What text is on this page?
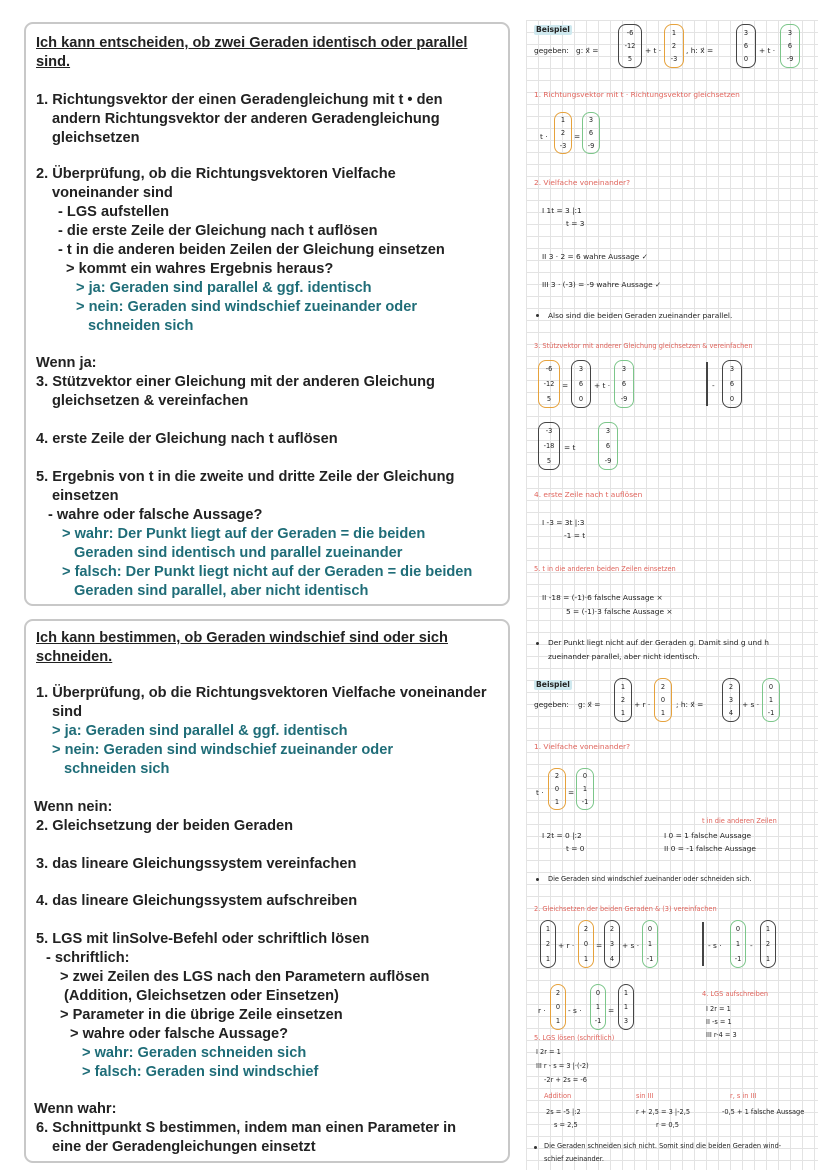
Ich kann entscheiden, ob zwei Geraden identisch oder parallel
sind.
1. Richtungsvektor der einen Geradengleichung mit t • den
andern Richtungsvektor der anderen Geradengleichung
gleichsetzen
2. Überprüfung, ob die Richtungsvektoren Vielfache
voneinander sind
- LGS aufstellen
- die erste Zeile der Gleichung nach t auflösen
- t in die anderen beiden Zeilen der Gleichung einsetzen
> kommt ein wahres Ergebnis heraus?
> ja: Geraden sind parallel & ggf. identisch
> nein: Geraden sind windschief zueinander oder
schneiden sich
Wenn ja:
3. Stützvektor einer Gleichung mit der anderen Gleichung
gleichsetzen & vereinfachen
4. erste Zeile der Gleichung nach t auflösen
5. Ergebnis von t in die zweite und dritte Zeile der Gleichung
einsetzen
- wahre oder falsche Aussage?
> wahr: Der Punkt liegt auf der Geraden = die beiden
Geraden sind identisch und parallel zueinander
> falsch: Der Punkt liegt nicht auf der Geraden = die beiden
Geraden sind parallel, aber nicht identisch
Ich kann bestimmen, ob Geraden windschief sind oder sich
schneiden.
1. Überprüfung, ob die Richtungsvektoren Vielfache voneinander
sind
> ja: Geraden sind parallel & ggf. identisch
> nein: Geraden sind windschief zueinander oder
schneiden sich
Wenn nein:
2. Gleichsetzung der beiden Geraden
3. das lineare Gleichungssystem vereinfachen
4. das lineare Gleichungssystem aufschreiben
5. LGS mit linSolve-Befehl oder schriftlich lösen
- schriftlich:
> zwei Zeilen des LGS nach den Parametern auflösen
(Addition, Gleichsetzen oder Einsetzen)
> Parameter in die übrige Zeile einsetzen
> wahre oder falsche Aussage?
> wahr: Geraden schneiden sich
> falsch: Geraden sind windschief
Wenn wahr:
6. Schnittpunkt S bestimmen, indem man einen Parameter in
eine der Geradengleichungen einsetzt
Beispiel
gegeben: g: x⃗ =
-6
-12
5
+ t ·
1
2
-3
, h: x⃗ =
3
6
0
+ t ·
3
6
-9
1. Richtungsvektor mit t · Richtungsvektor gleichsetzen
t ·
1
2
-3
=
3
6
-9
2. Vielfache voneinander?
I 1t = 3 |:1
t = 3
II 3 · 2 = 6 wahre Aussage ✓
III 3 · (-3) = -9 wahre Aussage ✓
Also sind die beiden Geraden zueinander parallel.
3. Stützvektor mit anderer Gleichung gleichsetzen & vereinfachen
-6
-12
5
=
3
6
0
+ t ·
3
6
-9
-
3
6
0
-3
-18
5
= t
3
6
-9
4. erste Zeile nach t auflösen
I -3 = 3t |:3
-1 = t
5. t in die anderen beiden Zeilen einsetzen
II -18 = (-1)·6 falsche Aussage ×
5 = (-1)·3 falsche Aussage ×
Der Punkt liegt nicht auf der Geraden g. Damit sind g und h
zueinander parallel, aber nicht identisch.
Beispiel
gegeben: g: x⃗ =
1
2
1
+ r ·
2
0
1
; h: x⃗ =
2
3
4
+ s ·
0
1
-1
1. Vielfache voneinander?
t ·
2
0
1
=
0
1
-1
t in die anderen Zeilen
I 2t = 0 |:2
t = 0
I 0 = 1 falsche Aussage
II 0 = -1 falsche Aussage
Die Geraden sind windschief zueinander oder schneiden sich.
2. Gleichsetzen der beiden Geraden & (3) vereinfachen
1
2
1
+ r ·
2
0
1
=
2
3
4
+ s ·
0
1
-1
- s ·
0
1
-1
-
1
2
1
r ·
2
0
1
- s ·
0
1
-1
=
1
1
3
4. LGS aufschreiben
I 2r = 1
II -s = 1
III r-4 = 3
5. LGS lösen (schriftlich)
I 2r = 1
III r - s = 3 |·(-2)
-2r + 2s = -6
Addition	sin III	r, s in III
2s = -5 |:2	r + 2,5 = 3 |-2,5	-0,5 + 1 falsche Aussage
s = 2,5	r = 0,5
Die Geraden schneiden sich nicht. Somit sind die beiden Geraden wind-
schief zueinander.
